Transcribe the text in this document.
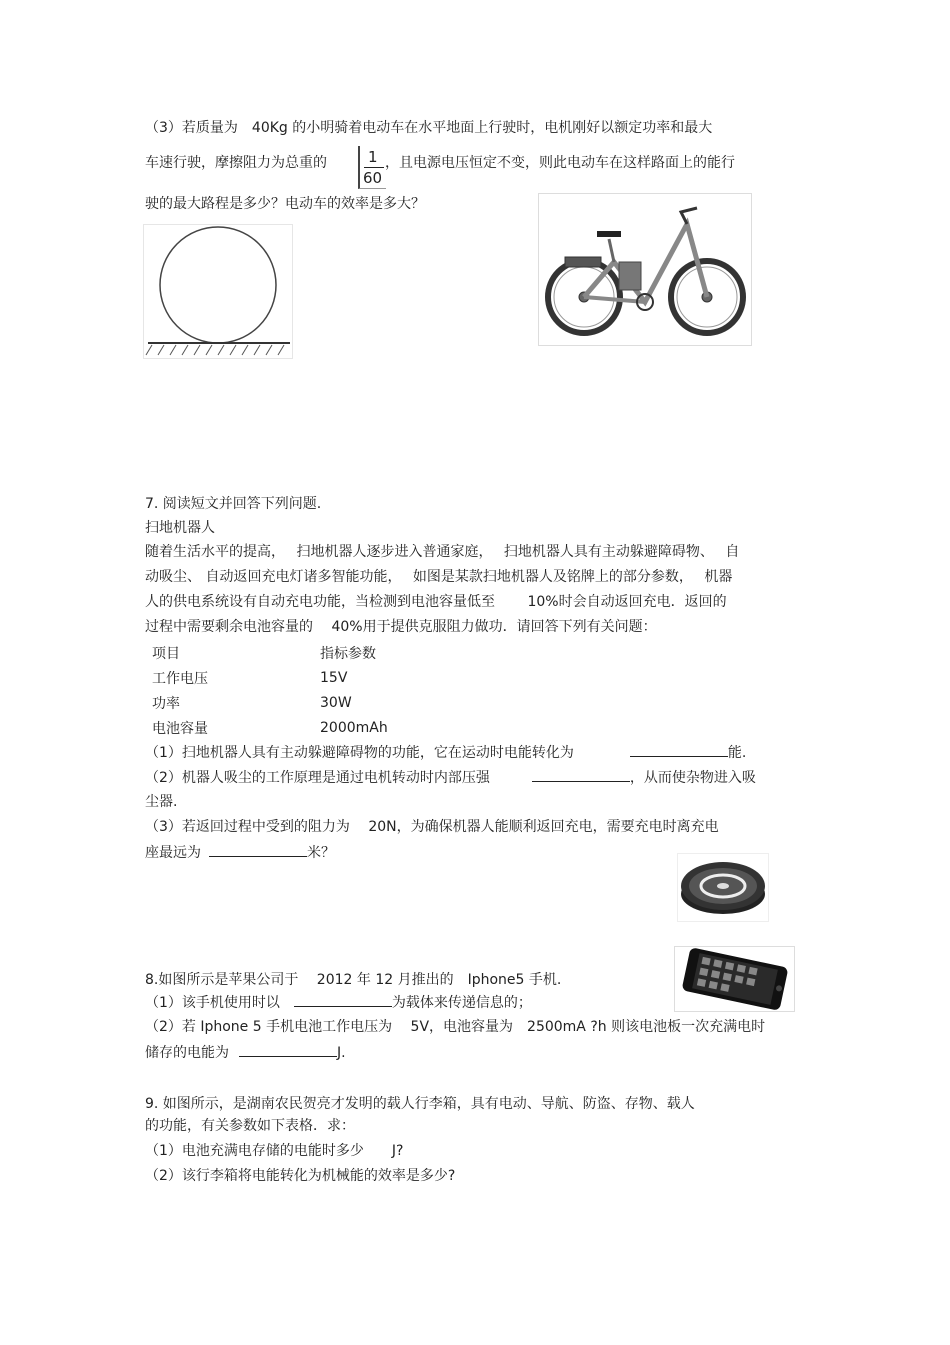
（3）若质量为　40Kg 的小明骑着电动车在水平地面上行驶时，电机刚好以额定功率和最大
车速行驶，摩擦阻力为总重的	1
60
，且电源电压恒定不变，则此电动车在这样路面上的能行
驶的最大路程是多少？电动车的效率是多大？
7. 阅读短文并回答下列问题.
扫地机器人
随着生活水平的提高，　 扫地机器人逐步进入普通家庭，　 扫地机器人具有主动躲避障碍物、　 自
动吸尘、 自动返回充电灯诸多智能功能，　 如图是某款扫地机器人及铭牌上的部分参数，　 机器
人的供电系统设有自动充电功能，当检测到电池容量低至　　 10%时会自动返回充电．返回的
过程中需要剩余电池容量的　 40%用于提供克服阻力做功．请回答下列有关问题：
项目	指标参数
工作电压	15V
功率	30W
电池容量	2000mAh
（1）扫地机器人具有主动躲避障碍物的功能，它在运动时电能转化为	能.
（2）机器人吸尘的工作原理是通过电机转动时内部压强	，从而使杂物进入吸
尘器.
（3）若返回过程中受到的阻力为　 20N，为确保机器人能顺利返回充电，需要充电时离充电
座最远为	米？
8.如图所示是苹果公司于　 2012 年 12 月推出的　Iphone5 手机.
（1）该手机使用时以	为载体来传递信息的；
（2）若 Iphone 5 手机电池工作电压为　 5V，电池容量为　2500mA ?h 则该电池板一次充满电时
储存的电能为	J.
9. 如图所示，是湖南农民贺亮才发明的载人行李箱，具有电动、导航、防盗、存物、载人
的功能，有关参数如下表格．求：
（1）电池充满电存储的电能时多少　　J?
（2）该行李箱将电能转化为机械能的效率是多少?
